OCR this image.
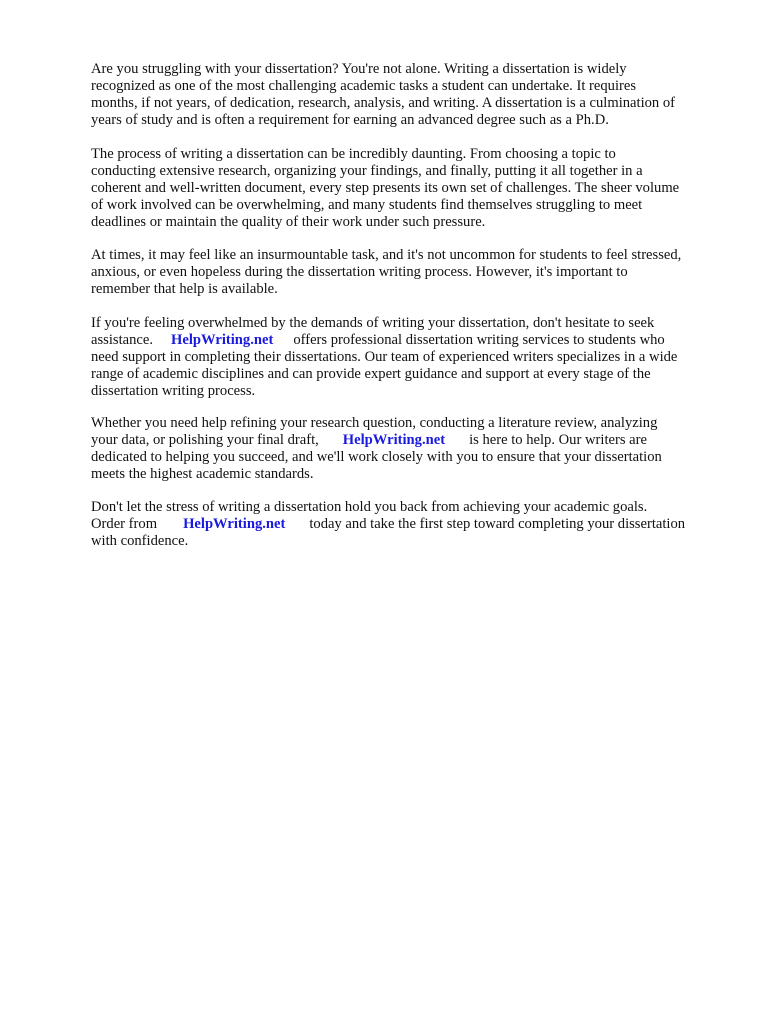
Are you struggling with your dissertation? You're not alone. Writing a dissertation is widely
recognized as one of the most challenging academic tasks a student can undertake. It requires
months, if not years, of dedication, research, analysis, and writing. A dissertation is a culmination of
years of study and is often a requirement for earning an advanced degree such as a Ph.D.

The process of writing a dissertation can be incredibly daunting. From choosing a topic to
conducting extensive research, organizing your findings, and finally, putting it all together in a
coherent and well-written document, every step presents its own set of challenges. The sheer volume
of work involved can be overwhelming, and many students find themselves struggling to meet
deadlines or maintain the quality of their work under such pressure.

At times, it may feel like an insurmountable task, and it's not uncommon for students to feel stressed,
anxious, or even hopeless during the dissertation writing process. However, it's important to
remember that help is available.

If you're feeling overwhelmed by the demands of writing your dissertation, don't hesitate to seek
assistance. HelpWriting.net offers professional dissertation writing services to students who
need support in completing their dissertations. Our team of experienced writers specializes in a wide
range of academic disciplines and can provide expert guidance and support at every stage of the
dissertation writing process.

Whether you need help refining your research question, conducting a literature review, analyzing
your data, or polishing your final draft, HelpWriting.net is here to help. Our writers are
dedicated to helping you succeed, and we'll work closely with you to ensure that your dissertation
meets the highest academic standards.

Don't let the stress of writing a dissertation hold you back from achieving your academic goals.
Order from HelpWriting.net today and take the first step toward completing your dissertation
with confidence.
